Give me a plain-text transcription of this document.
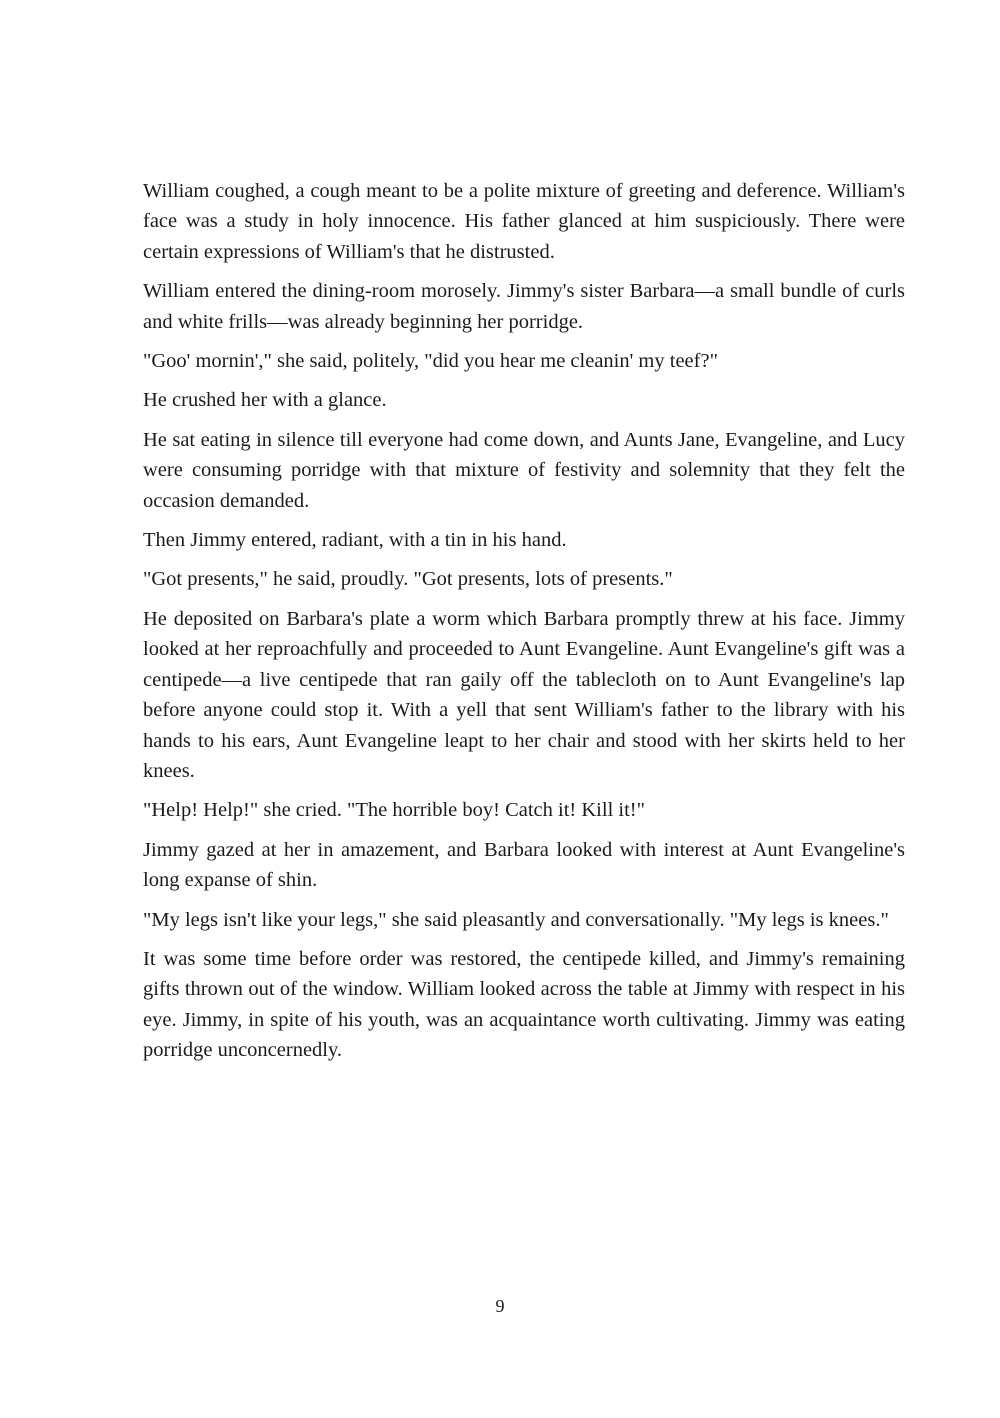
William coughed, a cough meant to be a polite mixture of greeting and deference. William's face was a study in holy innocence. His father glanced at him suspiciously. There were certain expressions of William's that he distrusted.

William entered the dining-room morosely. Jimmy's sister Barbara—a small bundle of curls and white frills—was already beginning her porridge.

"Goo' mornin'," she said, politely, "did you hear me cleanin' my teef?"

He crushed her with a glance.

He sat eating in silence till everyone had come down, and Aunts Jane, Evangeline, and Lucy were consuming porridge with that mixture of festivity and solemnity that they felt the occasion demanded.

Then Jimmy entered, radiant, with a tin in his hand.

"Got presents," he said, proudly. "Got presents, lots of presents."

He deposited on Barbara's plate a worm which Barbara promptly threw at his face. Jimmy looked at her reproachfully and proceeded to Aunt Evangeline. Aunt Evangeline's gift was a centipede—a live centipede that ran gaily off the tablecloth on to Aunt Evangeline's lap before anyone could stop it. With a yell that sent William's father to the library with his hands to his ears, Aunt Evangeline leapt to her chair and stood with her skirts held to her knees.

"Help! Help!" she cried. "The horrible boy! Catch it! Kill it!"

Jimmy gazed at her in amazement, and Barbara looked with interest at Aunt Evangeline's long expanse of shin.

"My legs isn't like your legs," she said pleasantly and conversationally. "My legs is knees."

It was some time before order was restored, the centipede killed, and Jimmy's remaining gifts thrown out of the window. William looked across the table at Jimmy with respect in his eye. Jimmy, in spite of his youth, was an acquaintance worth cultivating. Jimmy was eating porridge unconcernedly.

9
